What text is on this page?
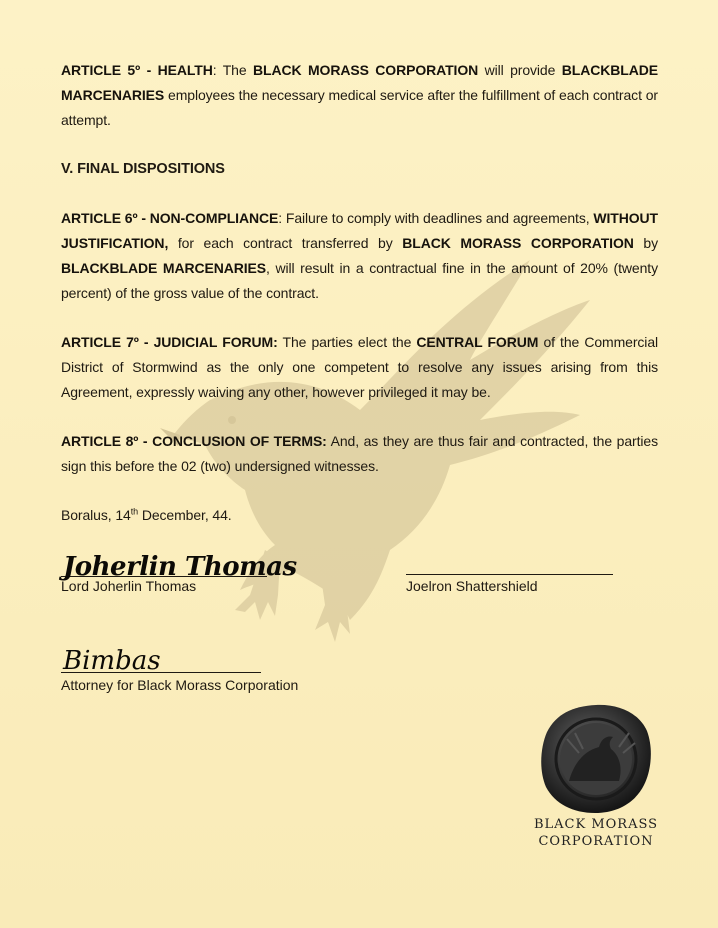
ARTICLE 5º - HEALTH: The BLACK MORASS CORPORATION will provide BLACKBLADE MARCENARIES employees the necessary medical service after the fulfillment of each contract or attempt.

V. FINAL DISPOSITIONS

ARTICLE 6º - NON-COMPLIANCE: Failure to comply with deadlines and agreements, WITHOUT JUSTIFICATION, for each contract transferred by BLACK MORASS CORPORATION by BLACKBLADE MARCENARIES, will result in a contractual fine in the amount of 20% (twenty percent) of the gross value of the contract.

ARTICLE 7º - JUDICIAL FORUM: The parties elect the CENTRAL FORUM of the Commercial District of Stormwind as the only one competent to resolve any issues arising from this Agreement, expressly waiving any other, however privileged it may be.

ARTICLE 8º - CONCLUSION OF TERMS: And, as they are thus fair and contracted, the parties sign this before the 02 (two) undersigned witnesses.

Boralus, 14th December, 44.

Joherlin Thomas
Lord Joherlin Thomas	Joelron Shattershield
Bimbas
Attorney for Black Morass Corporation
BLACK MORASS
CORPORATION
